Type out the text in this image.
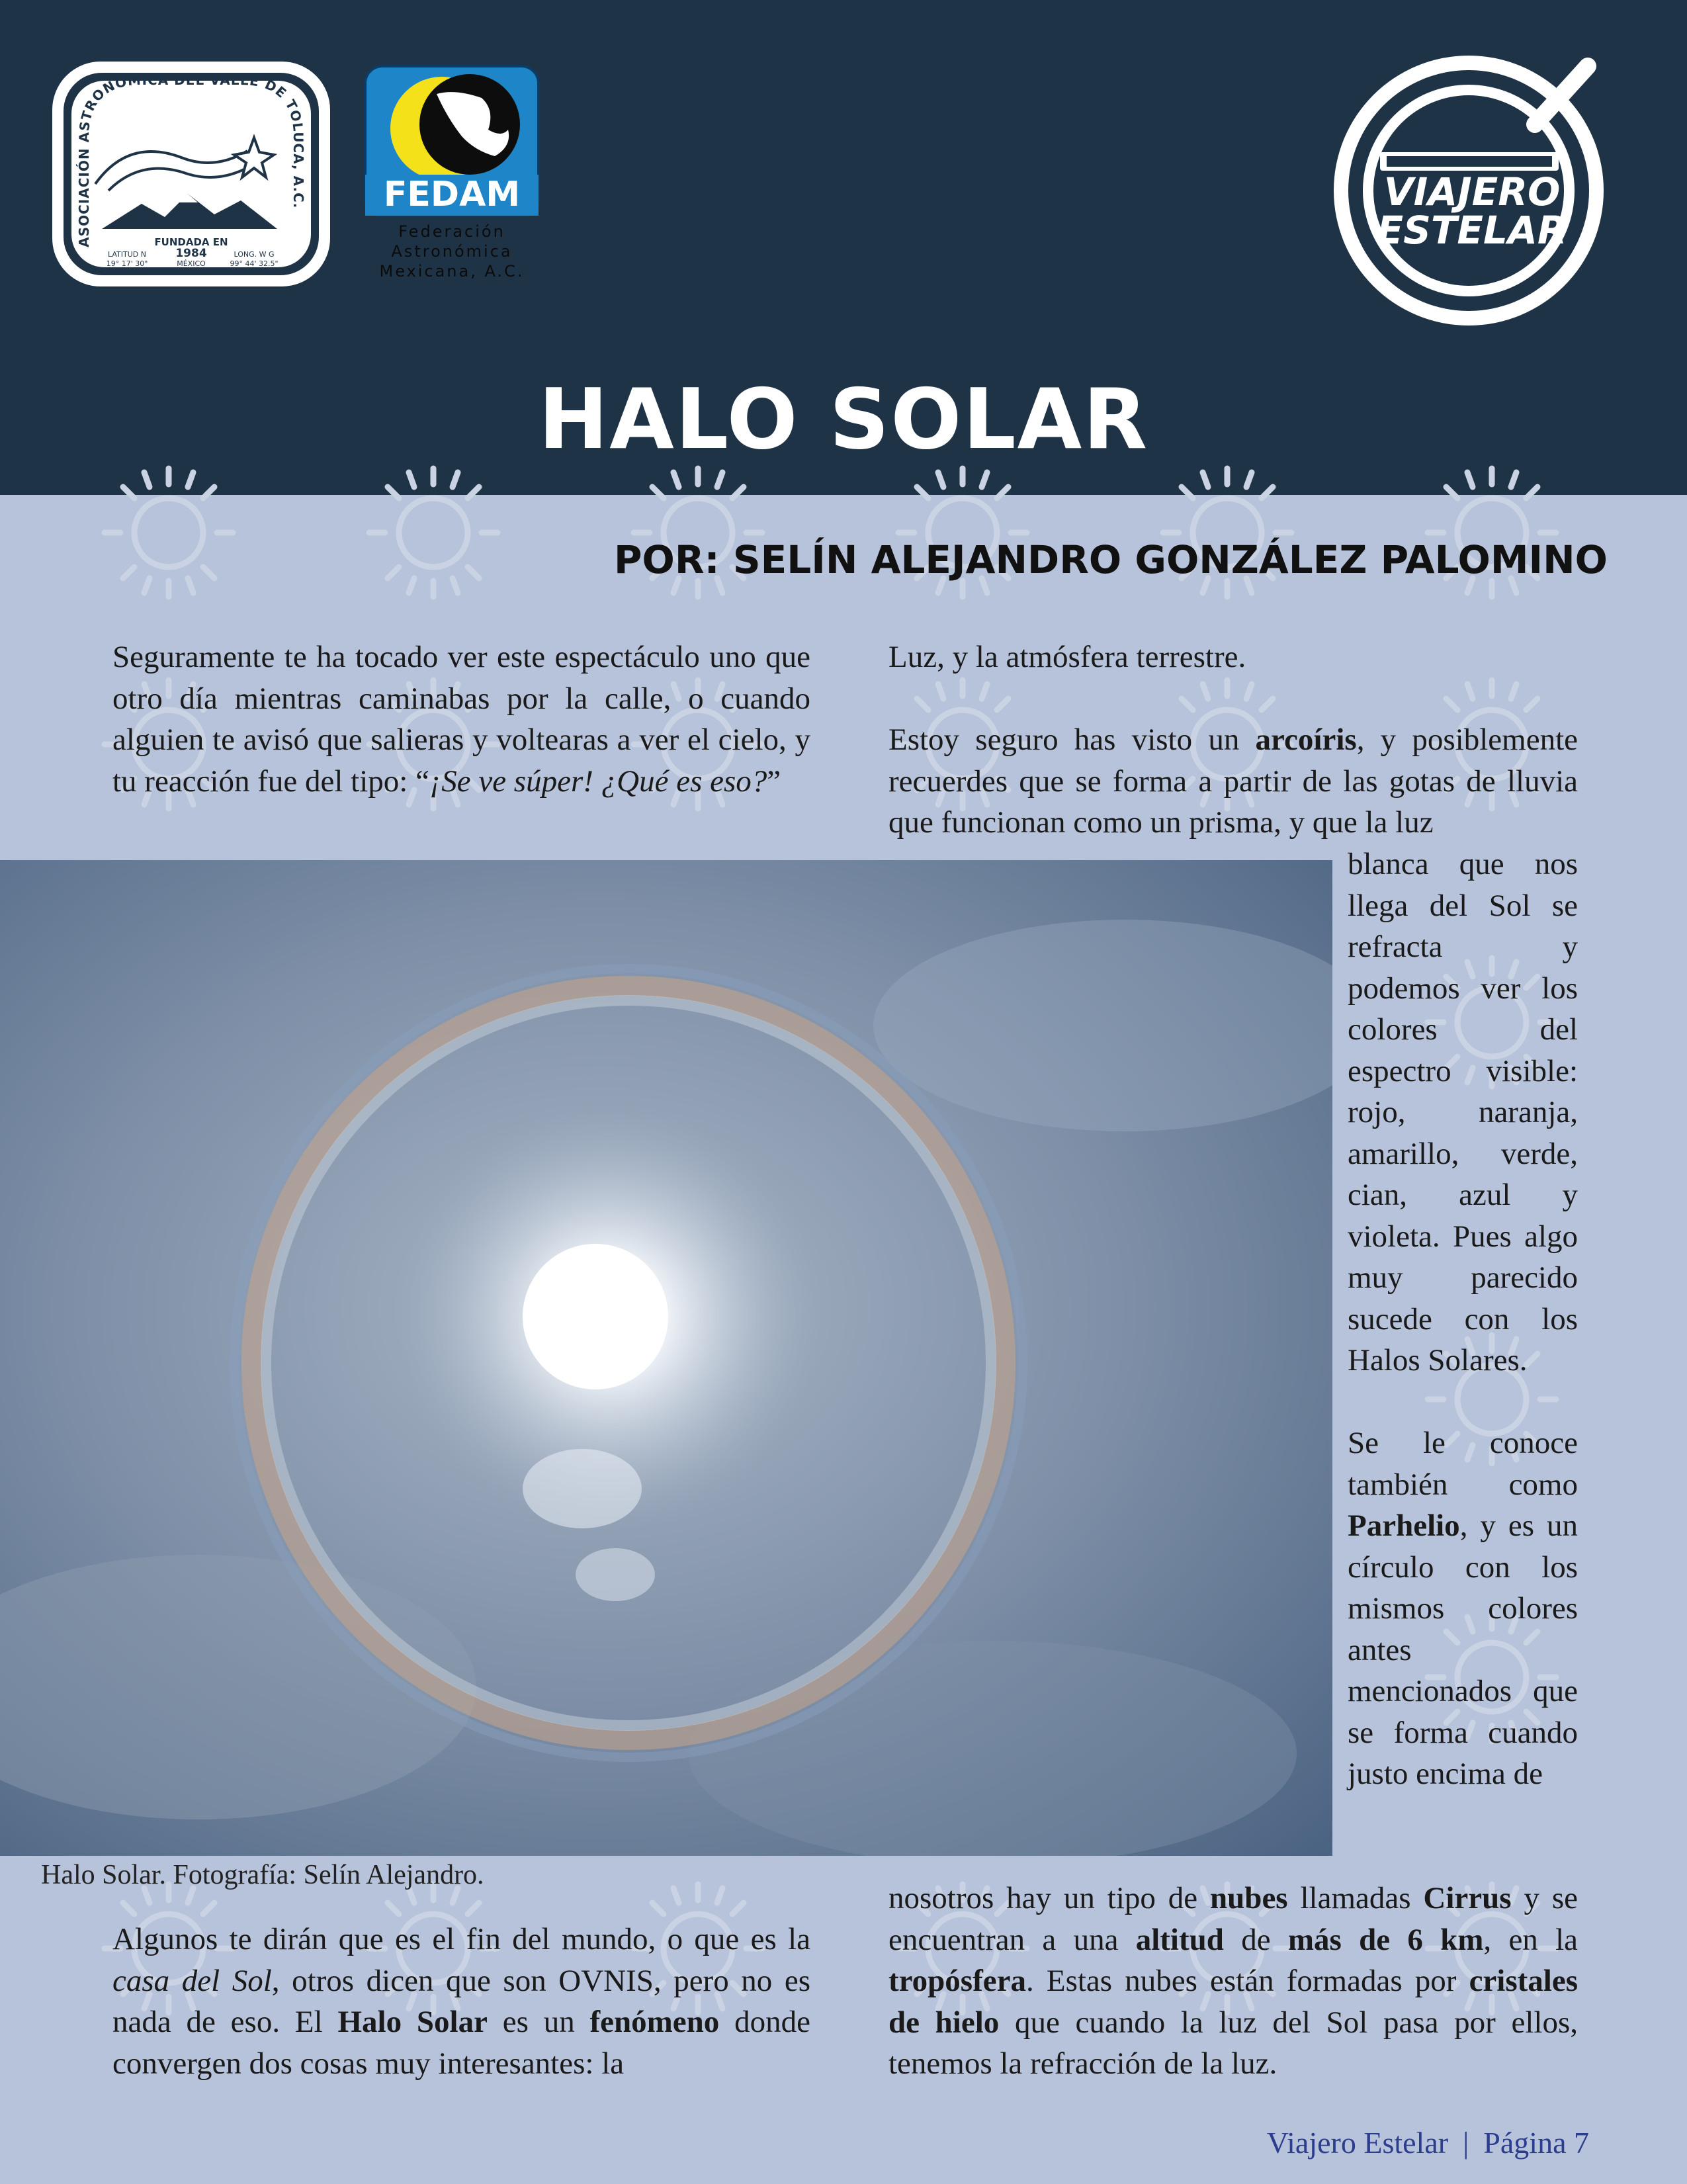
ASOCIACIÓN ASTRONÓMICA DEL VALLE DE TOLUCA, A.C.
FUNDADA EN
1984
MÉXICO
LATITUD N
19° 17' 30"
LONG. W G
99° 44' 32.5"
FEDAM
Federación
Astronómica
Mexicana, A.C.
VIAJERO
ESTELAR
HALO SOLAR
POR: SELÍN ALEJANDRO GONZÁLEZ PALOMINO

Seguramente te ha tocado ver este espectáculo uno que otro día mientras caminabas por la calle, o cuando alguien te avisó que salieras y voltearas a ver el cielo, y tu reacción fue del tipo: “¡Se ve súper! ¿Qué es eso?”

Luz, y la atmósfera terrestre.

Estoy seguro has visto un arcoíris, y posiblemente recuerdes que se forma a partir de las gotas de lluvia que funcionan como un prisma, y que la luz

blanca que nos llega del Sol se refracta y podemos ver los colores del espectro visible: rojo, naranja, amarillo, verde, cian, azul y violeta. Pues algo muy parecido sucede con los Halos Solares.

Se le conoce también como Parhelio, y es un círculo con los mismos colores antes mencionados que se forma cuando justo encima de

Halo Solar. Fotografía: Selín Alejandro.

nosotros hay un tipo de nubes llamadas Cirrus y se encuentran a una altitud de más de 6 km, en la tropósfera. Estas nubes están formadas por cristales de hielo que cuando la luz del Sol pasa por ellos, tenemos la refracción de la luz.

Algunos te dirán que es el fin del mundo, o que es la casa del Sol, otros dicen que son OVNIS, pero no es nada de eso. El Halo Solar es un fenómeno donde convergen dos cosas muy interesantes: la

Viajero Estelar | Página 7
